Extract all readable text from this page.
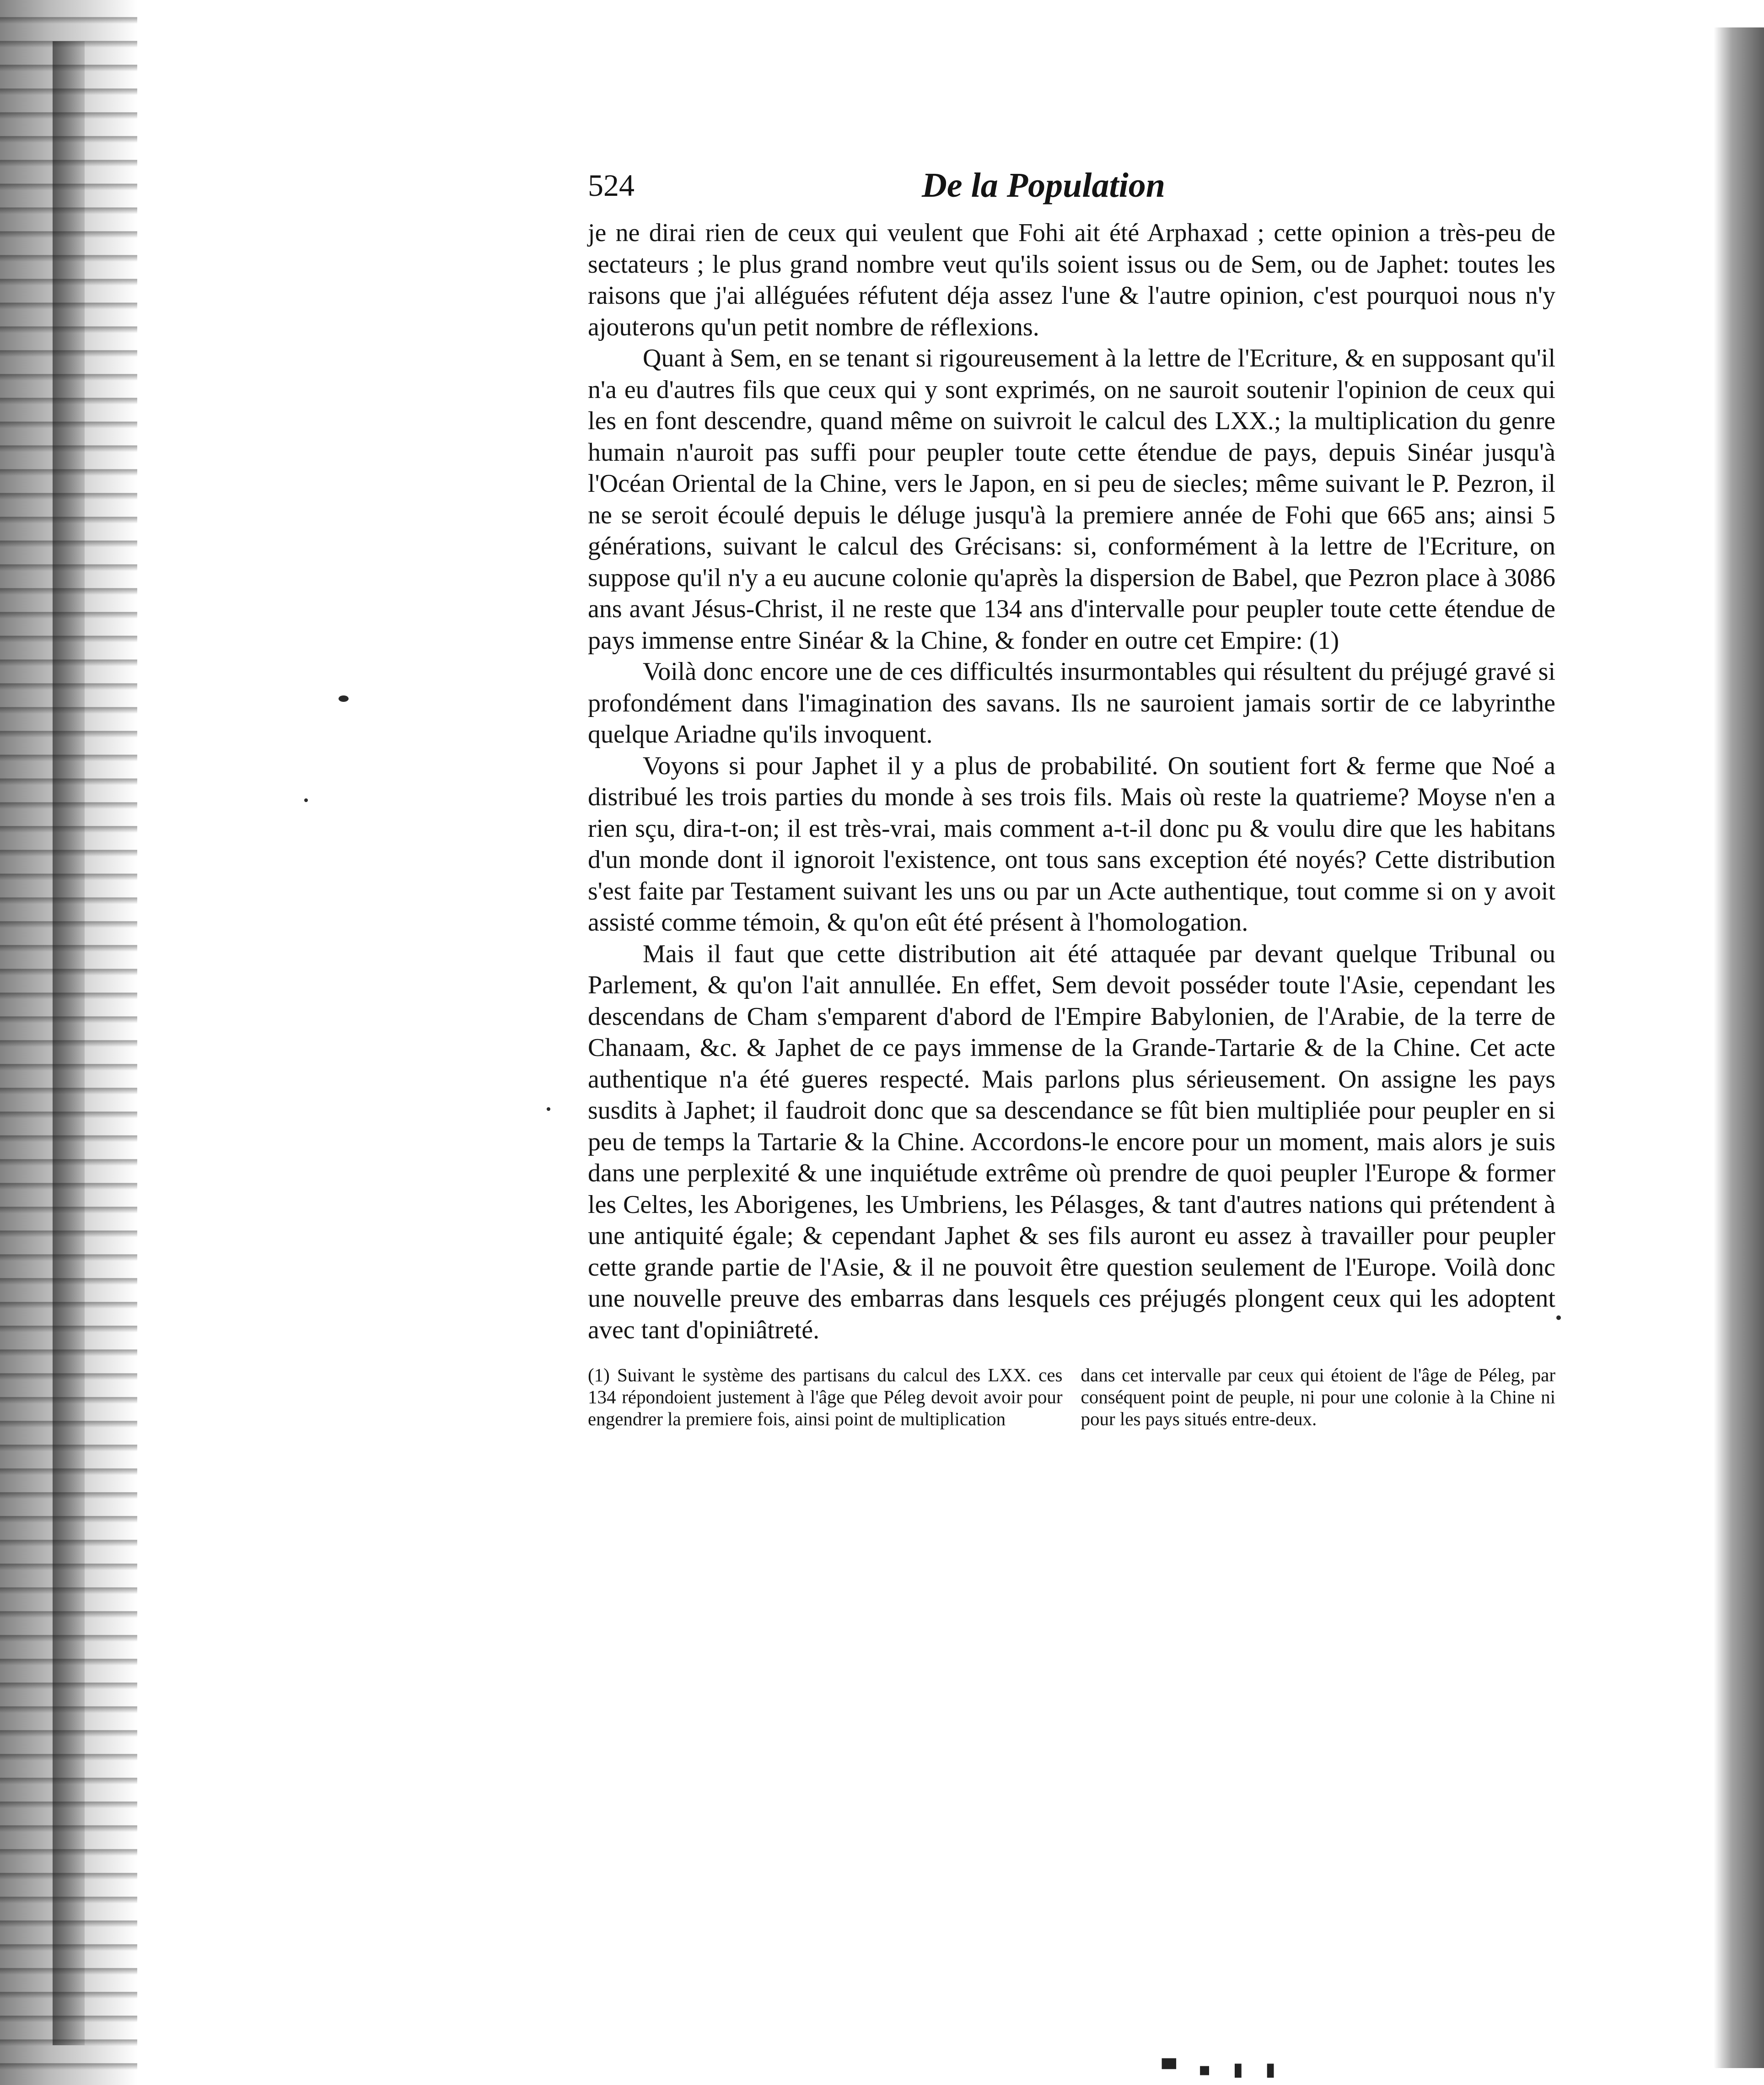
524	De la Population

je ne dirai rien de ceux qui veulent que Fohi ait été Arphaxad ; cette opinion a très-peu de sectateurs ; le plus grand nombre veut qu'ils soient issus ou de Sem, ou de Japhet: toutes les raisons que j'ai alléguées réfutent déja assez l'une & l'autre opinion, c'est pourquoi nous n'y ajouterons qu'un petit nombre de réflexions.

Quant à Sem, en se tenant si rigoureusement à la lettre de l'Ecriture, & en supposant qu'il n'a eu d'autres fils que ceux qui y sont exprimés, on ne sauroit soutenir l'opinion de ceux qui les en font descendre, quand même on suivroit le calcul des LXX.; la multiplication du genre humain n'auroit pas suffi pour peupler toute cette étendue de pays, depuis Sinéar jusqu'à l'Océan Oriental de la Chine, vers le Japon, en si peu de siecles; même suivant le P. Pezron, il ne se seroit écoulé depuis le déluge jusqu'à la premiere année de Fohi que 665 ans; ainsi 5 générations, suivant le calcul des Grécisans: si, conformément à la lettre de l'Ecriture, on suppose qu'il n'y a eu aucune colonie qu'après la dispersion de Babel, que Pezron place à 3086 ans avant Jésus-Christ, il ne reste que 134 ans d'intervalle pour peupler toute cette étendue de pays immense entre Sinéar & la Chine, & fonder en outre cet Empire: (1)

Voilà donc encore une de ces difficultés insurmontables qui résultent du préjugé gravé si profondément dans l'imagination des savans. Ils ne sauroient jamais sortir de ce labyrinthe quelque Ariadne qu'ils invoquent.

Voyons si pour Japhet il y a plus de probabilité. On soutient fort & ferme que Noé a distribué les trois parties du monde à ses trois fils. Mais où reste la quatrieme? Moyse n'en a rien sçu, dira-t-on; il est très-vrai, mais comment a-t-il donc pu & voulu dire que les habitans d'un monde dont il ignoroit l'existence, ont tous sans exception été noyés? Cette distribution s'est faite par Testament suivant les uns ou par un Acte authentique, tout comme si on y avoit assisté comme témoin, & qu'on eût été présent à l'homologation.

Mais il faut que cette distribution ait été attaquée par devant quelque Tribunal ou Parlement, & qu'on l'ait annullée. En effet, Sem devoit posséder toute l'Asie, cependant les descendans de Cham s'emparent d'abord de l'Empire Babylonien, de l'Arabie, de la terre de Chanaam, &c. & Japhet de ce pays immense de la Grande-Tartarie & de la Chine. Cet acte authentique n'a été gueres respecté. Mais parlons plus sérieusement. On assigne les pays susdits à Japhet; il faudroit donc que sa descendance se fût bien multipliée pour peupler en si peu de temps la Tartarie & la Chine. Accordons-le encore pour un moment, mais alors je suis dans une perplexité & une inquiétude extrême où prendre de quoi peupler l'Europe & former les Celtes, les Aborigenes, les Umbriens, les Pélasges, & tant d'autres nations qui prétendent à une antiquité égale; & cependant Japhet & ses fils auront eu assez à travailler pour peupler cette grande partie de l'Asie, & il ne pouvoit être question seulement de l'Europe. Voilà donc une nouvelle preuve des embarras dans lesquels ces préjugés plongent ceux qui les adoptent avec tant d'opiniâtreté.

(1) Suivant le système des partisans du calcul des LXX. ces 134 répondoient justement à l'âge que Péleg devoit avoir pour engendrer la premiere fois, ainsi point de multiplication
dans cet intervalle par ceux qui étoient de l'âge de Péleg, par conséquent point de peuple, ni pour une colonie à la Chine ni pour les pays situés entre-deux.
▀ ▪ ▮ ▮
